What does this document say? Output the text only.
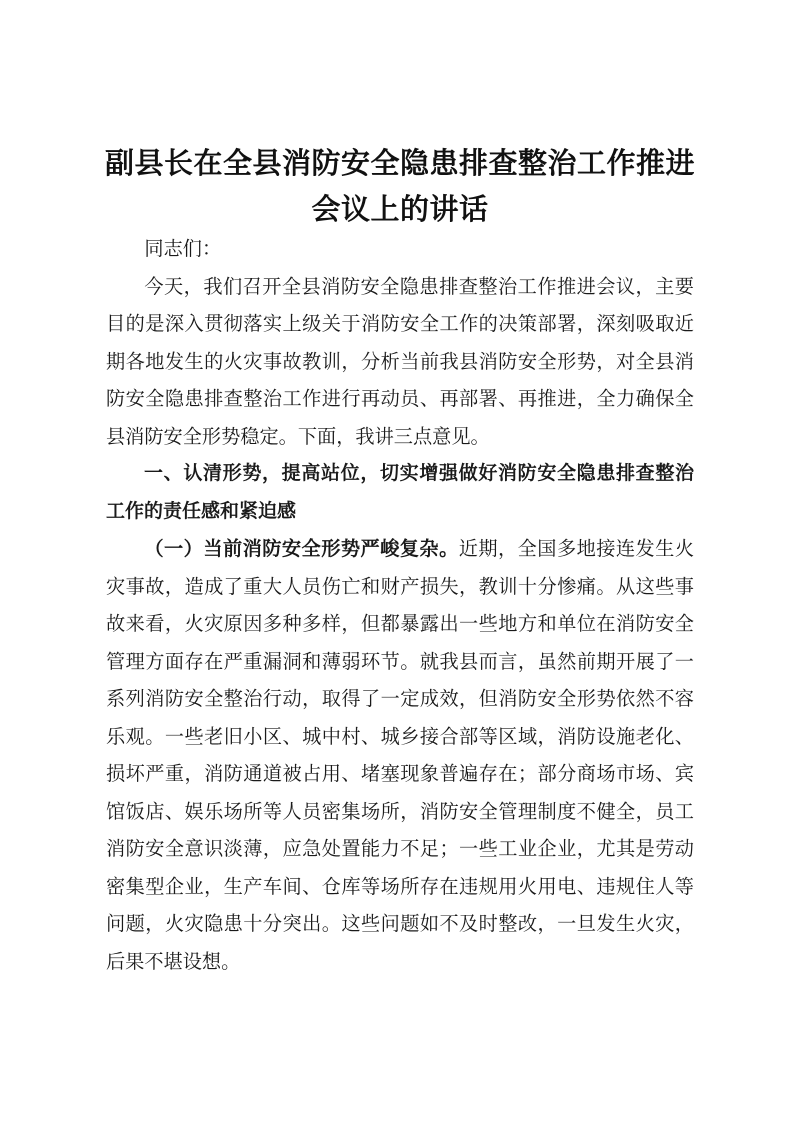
副县长在全县消防安全隐患排查整治工作推进
会议上的讲话

同志们：

今天，我们召开全县消防安全隐患排查整治工作推进会议，主要目的是深入贯彻落实上级关于消防安全工作的决策部署，深刻吸取近期各地发生的火灾事故教训，分析当前我县消防安全形势，对全县消防安全隐患排查整治工作进行再动员、再部署、再推进，全力确保全县消防安全形势稳定。下面，我讲三点意见。

一、认清形势，提高站位，切实增强做好消防安全隐患排查整治工作的责任感和紧迫感

（一）当前消防安全形势严峻复杂。近期，全国多地接连发生火灾事故，造成了重大人员伤亡和财产损失，教训十分惨痛。从这些事故来看，火灾原因多种多样，但都暴露出一些地方和单位在消防安全管理方面存在严重漏洞和薄弱环节。就我县而言，虽然前期开展了一系列消防安全整治行动，取得了一定成效，但消防安全形势依然不容乐观。一些老旧小区、城中村、城乡接合部等区域，消防设施老化、损坏严重，消防通道被占用、堵塞现象普遍存在；部分商场市场、宾馆饭店、娱乐场所等人员密集场所，消防安全管理制度不健全，员工消防安全意识淡薄，应急处置能力不足；一些工业企业，尤其是劳动密集型企业，生产车间、仓库等场所存在违规用火用电、违规住人等问题，火灾隐患十分突出。这些问题如不及时整改，一旦发生火灾，后果不堪设想。
